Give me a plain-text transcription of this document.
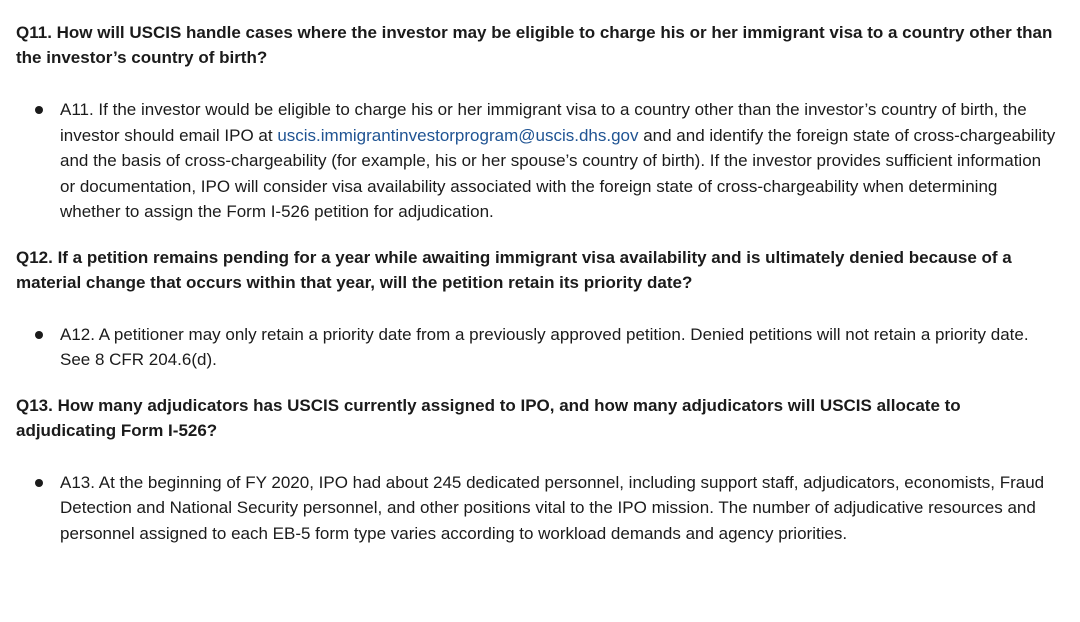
Q11. How will USCIS handle cases where the investor may be eligible to charge his or her immigrant visa to a country other than the investor’s country of birth?

A11. If the investor would be eligible to charge his or her immigrant visa to a country other than the investor’s country of birth, the investor should email IPO at uscis.immigrantinvestorprogram@uscis.dhs.gov and and identify the foreign state of cross-chargeability and the basis of cross-chargeability (for example, his or her spouse’s country of birth). If the investor provides sufficient information or documentation, IPO will consider visa availability associated with the foreign state of cross-chargeability when determining whether to assign the Form I-526 petition for adjudication.

Q12. If a petition remains pending for a year while awaiting immigrant visa availability and is ultimately denied because of a material change that occurs within that year, will the petition retain its priority date?

A12. A petitioner may only retain a priority date from a previously approved petition. Denied petitions will not retain a priority date. See 8 CFR 204.6(d).

Q13. How many adjudicators has USCIS currently assigned to IPO, and how many adjudicators will USCIS allocate to adjudicating Form I-526?

A13. At the beginning of FY 2020, IPO had about 245 dedicated personnel, including support staff, adjudicators, economists, Fraud Detection and National Security personnel, and other positions vital to the IPO mission. The number of adjudicative resources and personnel assigned to each EB-5 form type varies according to workload demands and agency priorities.
